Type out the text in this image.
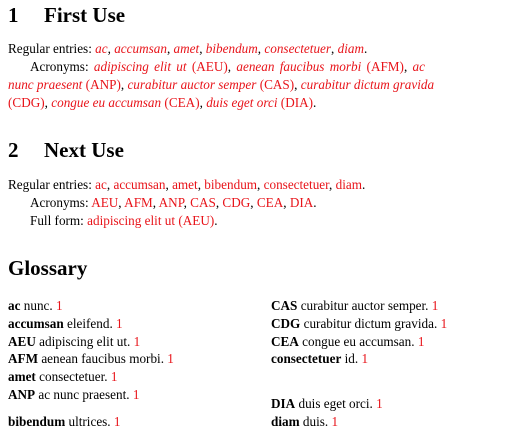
1 First Use

Regular entries: ac, accumsan, amet, bibendum, consectetuer, diam.

Acronyms: adipiscing elit ut (AEU), aenean faucibus morbi (AFM), ac

nunc praesent (ANP), curabitur auctor semper (CAS), curabitur dictum gravida

(CDG), congue eu accumsan (CEA), duis eget orci (DIA).

2 Next Use

Regular entries: ac, accumsan, amet, bibendum, consectetuer, diam.

Acronyms: AEU, AFM, ANP, CAS, CDG, CEA, DIA.

Full form: adipiscing elit ut (AEU).

Glossary
ac nunc. 1
accumsan eleifend. 1
AEU adipiscing elit ut. 1
AFM aenean faucibus morbi. 1
amet consectetuer. 1
ANP ac nunc praesent. 1
bibendum ultrices. 1
CAS curabitur auctor semper. 1
CDG curabitur dictum gravida. 1
CEA congue eu accumsan. 1
consectetuer id. 1
DIA duis eget orci. 1
diam duis. 1
